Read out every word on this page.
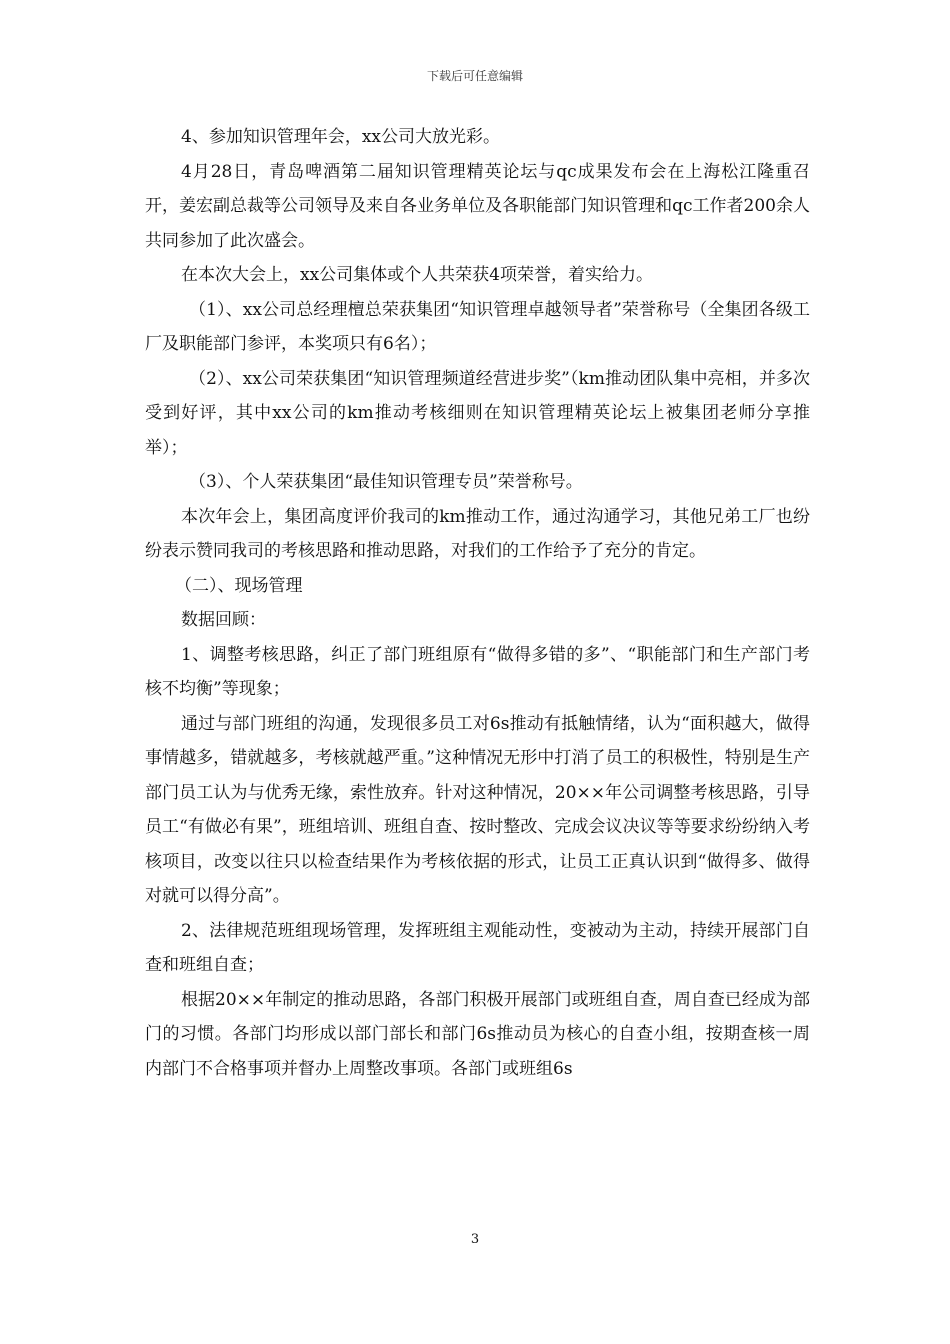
下载后可任意编辑

4、参加知识管理年会，xx公司大放光彩。

4月28日，青岛啤酒第二届知识管理精英论坛与qc成果发布会在上海松江隆重召开，姜宏副总裁等公司领导及来自各业务单位及各职能部门知识管理和qc工作者200余人共同参加了此次盛会。

在本次大会上，xx公司集体或个人共荣获4项荣誉，着实给力。

（1）、xx公司总经理檀总荣获集团“知识管理卓越领导者”荣誉称号（全集团各级工厂及职能部门参评，本奖项只有6名）；

（2）、xx公司荣获集团“知识管理频道经营进步奖”（km推动团队集中亮相，并多次受到好评，其中xx公司的km推动考核细则在知识管理精英论坛上被集团老师分享推举）；

（3）、个人荣获集团“最佳知识管理专员”荣誉称号。

本次年会上，集团高度评价我司的km推动工作，通过沟通学习，其他兄弟工厂也纷纷表示赞同我司的考核思路和推动思路，对我们的工作给予了充分的肯定。

（二）、现场管理

数据回顾：

1、调整考核思路，纠正了部门班组原有“做得多错的多”、“职能部门和生产部门考核不均衡”等现象；

通过与部门班组的沟通，发现很多员工对6s推动有抵触情绪，认为“面积越大，做得事情越多，错就越多，考核就越严重。”这种情况无形中打消了员工的积极性，特别是生产部门员工认为与优秀无缘，索性放弃。针对这种情况，20××年公司调整考核思路，引导员工“有做必有果”，班组培训、班组自查、按时整改、完成会议决议等等要求纷纷纳入考核项目，改变以往只以检查结果作为考核依据的形式，让员工正真认识到“做得多、做得对就可以得分高”。

2、法律规范班组现场管理，发挥班组主观能动性，变被动为主动，持续开展部门自查和班组自查；

根据20××年制定的推动思路，各部门积极开展部门或班组自查，周自查已经成为部门的习惯。各部门均形成以部门部长和部门6s推动员为核心的自查小组，按期查核一周内部门不合格事项并督办上周整改事项。各部门或班组6s

3
